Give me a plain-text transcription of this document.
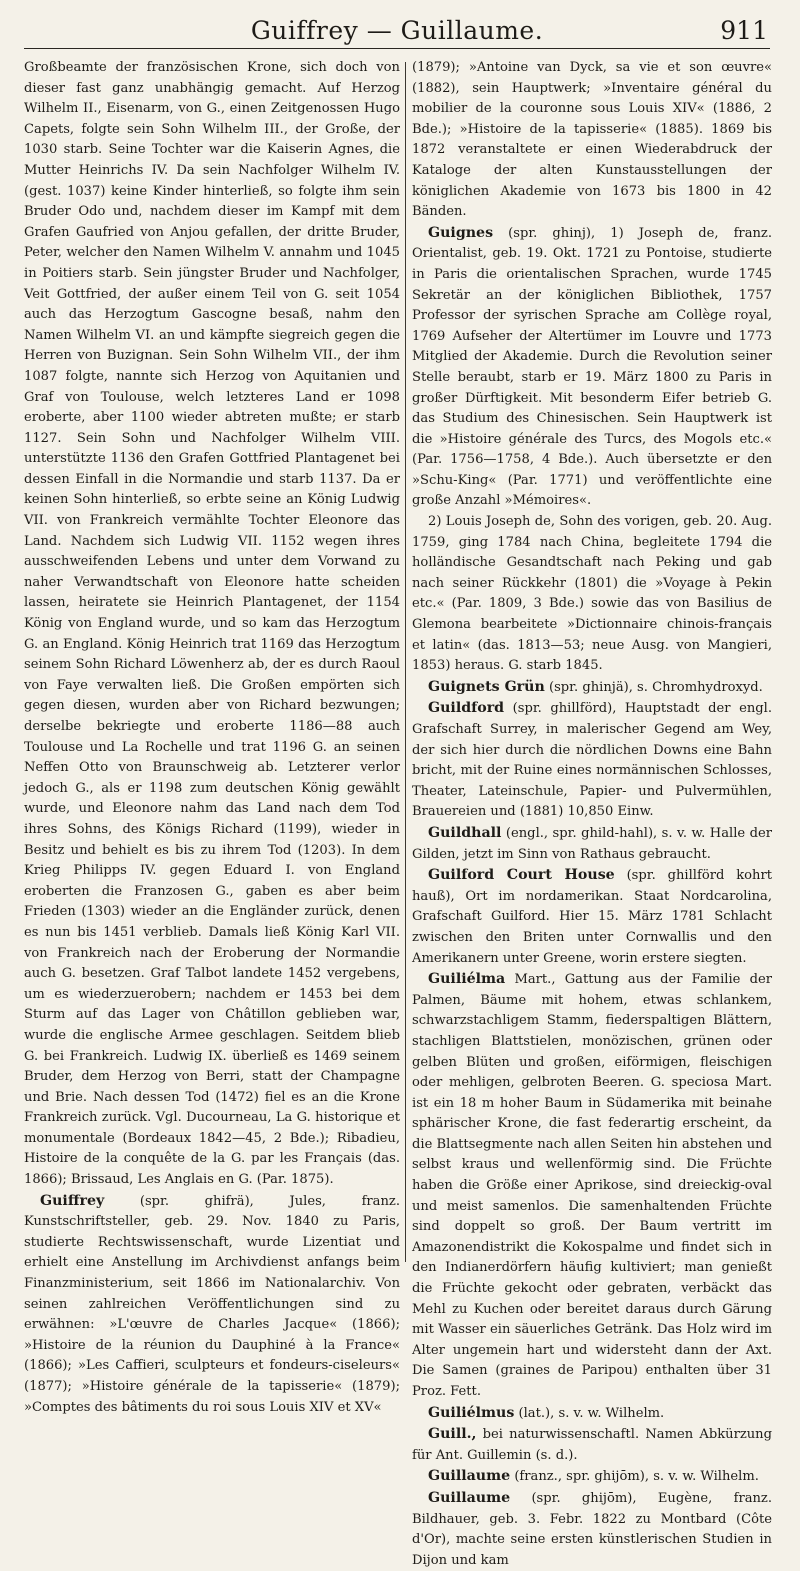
Guiffrey — Guillaume.	911

Großbeamte der französischen Krone, sich doch von dieser fast ganz unabhängig gemacht. Auf Herzog Wilhelm II., Eisenarm, von G., einen Zeitgenossen Hugo Capets, folgte sein Sohn Wilhelm III., der Große, der 1030 starb. Seine Tochter war die Kaiserin Agnes, die Mutter Heinrichs IV. Da sein Nachfolger Wilhelm IV. (gest. 1037) keine Kinder hinterließ, so folgte ihm sein Bruder Odo und, nachdem dieser im Kampf mit dem Grafen Gaufried von Anjou gefallen, der dritte Bruder, Peter, welcher den Namen Wilhelm V. annahm und 1045 in Poitiers starb. Sein jüngster Bruder und Nachfolger, Veit Gottfried, der außer einem Teil von G. seit 1054 auch das Herzogtum Gascogne besaß, nahm den Namen Wilhelm VI. an und kämpfte siegreich gegen die Herren von Buzignan. Sein Sohn Wilhelm VII., der ihm 1087 folgte, nannte sich Herzog von Aquitanien und Graf von Toulouse, welch letzteres Land er 1098 eroberte, aber 1100 wieder abtreten mußte; er starb 1127. Sein Sohn und Nachfolger Wilhelm VIII. unterstützte 1136 den Grafen Gottfried Plantagenet bei dessen Einfall in die Normandie und starb 1137. Da er keinen Sohn hinterließ, so erbte seine an König Ludwig VII. von Frankreich vermählte Tochter Eleonore das Land. Nachdem sich Ludwig VII. 1152 wegen ihres ausschweifenden Lebens und unter dem Vorwand zu naher Verwandtschaft von Eleonore hatte scheiden lassen, heiratete sie Heinrich Plantagenet, der 1154 König von England wurde, und so kam das Herzogtum G. an England. König Heinrich trat 1169 das Herzogtum seinem Sohn Richard Löwenherz ab, der es durch Raoul von Faye verwalten ließ. Die Großen empörten sich gegen diesen, wurden aber von Richard bezwungen; derselbe bekriegte und eroberte 1186—88 auch Toulouse und La Rochelle und trat 1196 G. an seinen Neffen Otto von Braunschweig ab. Letzterer verlor jedoch G., als er 1198 zum deutschen König gewählt wurde, und Eleonore nahm das Land nach dem Tod ihres Sohns, des Königs Richard (1199), wieder in Besitz und behielt es bis zu ihrem Tod (1203). In dem Krieg Philipps IV. gegen Eduard I. von England eroberten die Franzosen G., gaben es aber beim Frieden (1303) wieder an die Engländer zurück, denen es nun bis 1451 verblieb. Damals ließ König Karl VII. von Frankreich nach der Eroberung der Normandie auch G. besetzen. Graf Talbot landete 1452 vergebens, um es wiederzuerobern; nachdem er 1453 bei dem Sturm auf das Lager von Châtillon geblieben war, wurde die englische Armee geschlagen. Seitdem blieb G. bei Frankreich. Ludwig IX. überließ es 1469 seinem Bruder, dem Herzog von Berri, statt der Champagne und Brie. Nach dessen Tod (1472) fiel es an die Krone Frankreich zurück. Vgl. Ducourneau, La G. historique et monumentale (Bordeaux 1842—45, 2 Bde.); Ribadieu, Histoire de la conquête de la G. par les Français (das. 1866); Brissaud, Les Anglais en G. (Par. 1875).

Guiffrey	(spr. ghifrä), Jules, franz. Kunstschriftsteller, geb. 29. Nov. 1840 zu Paris, studierte Rechtswissenschaft, wurde Lizentiat und erhielt eine Anstellung im Archivdienst anfangs beim Finanzministerium, seit 1866 im Nationalarchiv. Von seinen zahlreichen Veröffentlichungen sind zu erwähnen: »L'œuvre de Charles Jacque« (1866); »Histoire de la réunion du Dauphiné à la France« (1866); »Les Caffieri, sculpteurs et fondeurs-ciseleurs« (1877); »Histoire générale de la tapisserie« (1879); »Comptes des bâtiments du roi sous Louis XIV et XV«

(1879); »Antoine van Dyck, sa vie et son œuvre« (1882), sein Hauptwerk; »Inventaire général du mobilier de la couronne sous Louis XIV« (1886, 2 Bde.); »Histoire de la tapisserie« (1885). 1869 bis 1872 veranstaltete er einen Wiederabdruck der Kataloge der alten Kunstausstellungen der königlichen Akademie von 1673 bis 1800 in 42 Bänden.

Guignes (spr. ghinj), 1) Joseph de, franz. Orientalist, geb. 19. Okt. 1721 zu Pontoise, studierte in Paris die orientalischen Sprachen, wurde 1745 Sekretär an der königlichen Bibliothek, 1757 Professor der syrischen Sprache am Collège royal, 1769 Aufseher der Altertümer im Louvre und 1773 Mitglied der Akademie. Durch die Revolution seiner Stelle beraubt, starb er 19. März 1800 zu Paris in großer Dürftigkeit. Mit besonderm Eifer betrieb G. das Studium des Chinesischen. Sein Hauptwerk ist die »Histoire générale des Turcs, des Mogols etc.« (Par. 1756—1758, 4 Bde.). Auch übersetzte er den »Schu-King« (Par. 1771) und veröffentlichte eine große Anzahl »Mémoires«.

2) Louis Joseph de, Sohn des vorigen, geb. 20. Aug. 1759, ging 1784 nach China, begleitete 1794 die holländische Gesandtschaft nach Peking und gab nach seiner Rückkehr (1801) die »Voyage à Pekin etc.« (Par. 1809, 3 Bde.) sowie das von Basilius de Glemona bearbeitete »Dictionnaire chinois-français et latin« (das. 1813—53; neue Ausg. von Mangieri, 1853) heraus. G. starb 1845.

Guignets Grün (spr. ghinjä), s. Chromhydroxyd.

Guildford (spr. ghillförd), Hauptstadt der engl. Grafschaft Surrey, in malerischer Gegend am Wey, der sich hier durch die nördlichen Downs eine Bahn bricht, mit der Ruine eines normännischen Schlosses, Theater, Lateinschule, Papier- und Pulvermühlen, Brauereien und (1881) 10,850 Einw.

Guildhall (engl., spr. ghild-hahl), s. v. w. Halle der Gilden, jetzt im Sinn von Rathaus gebraucht.

Guilford Court House (spr. ghillförd kohrt hauß), Ort im nordamerikan. Staat Nordcarolina, Grafschaft Guilford. Hier 15. März 1781 Schlacht zwischen den Briten unter Cornwallis und den Amerikanern unter Greene, worin erstere siegten.

Guiliélma Mart., Gattung aus der Familie der Palmen, Bäume mit hohem, etwas schlankem, schwarzstachligem Stamm, fiederspaltigen Blättern, stachligen Blattstielen, monözischen, grünen oder gelben Blüten und großen, eiförmigen, fleischigen oder mehligen, gelbroten Beeren. G. speciosa Mart. ist ein 18 m hoher Baum in Südamerika mit beinahe sphärischer Krone, die fast federartig erscheint, da die Blattsegmente nach allen Seiten hin abstehen und selbst kraus und wellenförmig sind. Die Früchte haben die Größe einer Aprikose, sind dreieckig-oval und meist samenlos. Die samenhaltenden Früchte sind doppelt so groß. Der Baum vertritt im Amazonendistrikt die Kokospalme und findet sich in den Indianerdörfern häufig kultiviert; man genießt die Früchte gekocht oder gebraten, verbäckt das Mehl zu Kuchen oder bereitet daraus durch Gärung mit Wasser ein säuerliches Getränk. Das Holz wird im Alter ungemein hart und widersteht dann der Axt. Die Samen (graines de Paripou) enthalten über 31 Proz. Fett.

Guiliélmus (lat.), s. v. w. Wilhelm.

Guill., bei naturwissenschaftl. Namen Abkürzung für Ant. Guillemin (s. d.).

Guillaume (franz., spr. ghijōm), s. v. w. Wilhelm.

Guillaume (spr. ghijōm), Eugène, franz. Bildhauer, geb. 3. Febr. 1822 zu Montbard (Côte d'Or), machte seine ersten künstlerischen Studien in Dijon und kam
